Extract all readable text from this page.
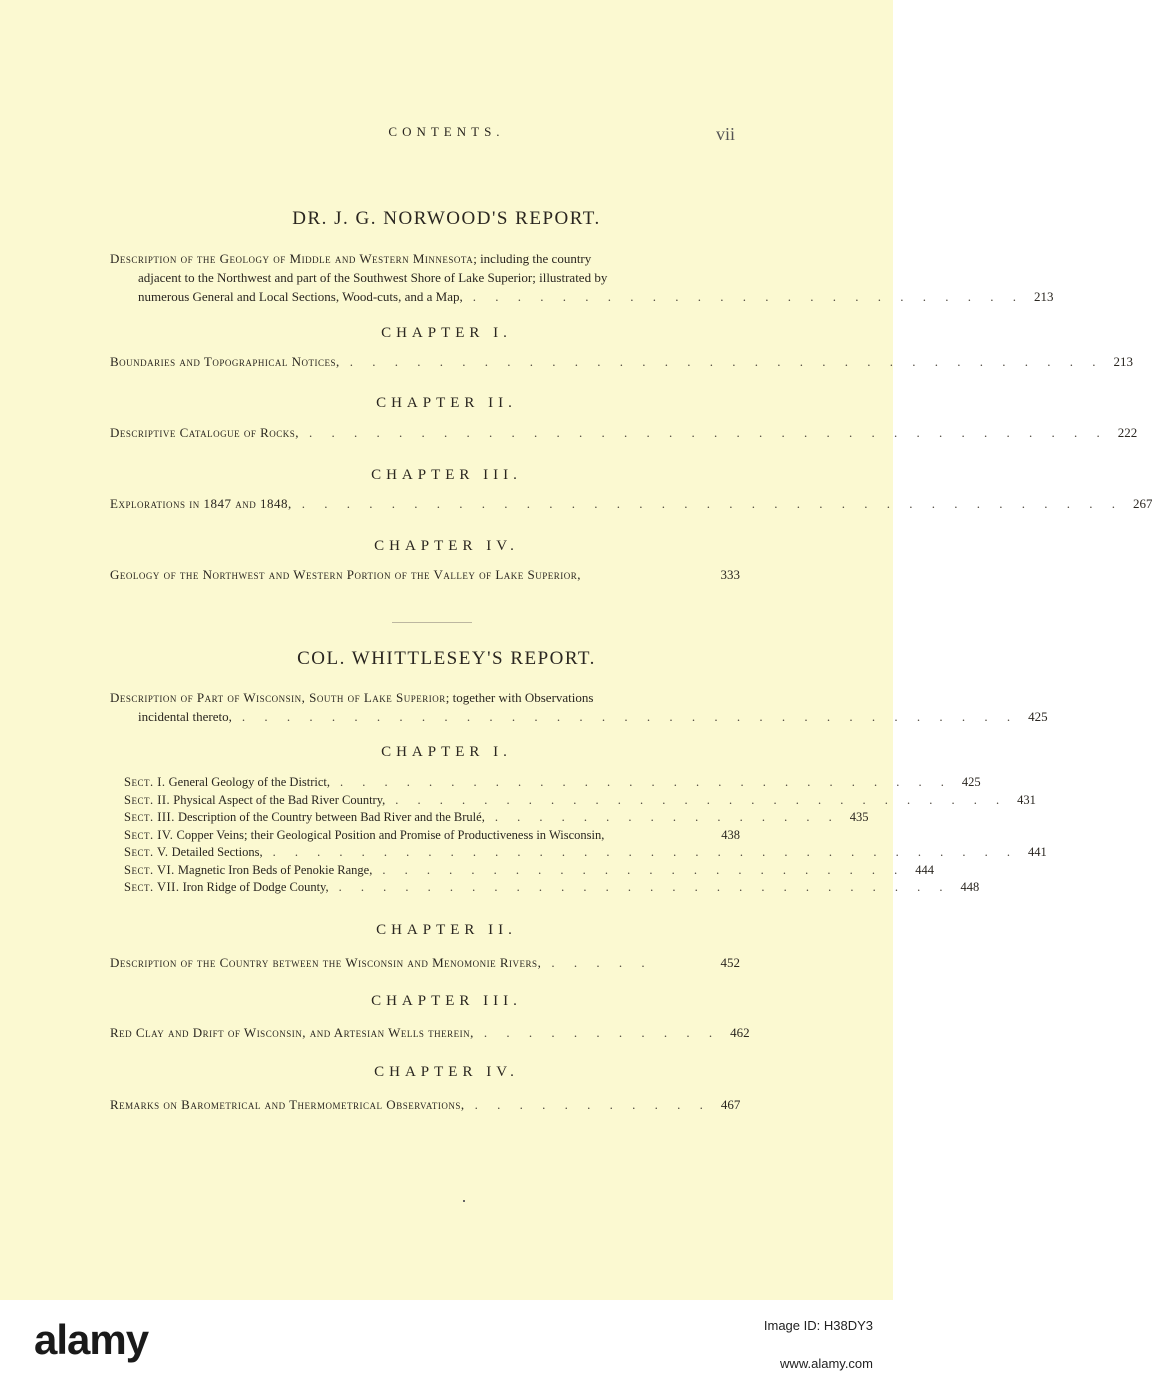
CONTENTS.	vii
DR. J. G. NORWOOD'S REPORT.
Description of the Geology of Middle and Western Minnesota; including the country
adjacent to the Northwest and part of the Southwest Shore of Lake Superior; illustrated by
numerous General and Local Sections, Wood-cuts, and a Map, . . . . . . . . . . . . . . . . . . . . . . . . . 213
CHAPTER I.
Boundaries and Topographical Notices, . . . . . . . . . . . . . . . . . . . . . . . . . . . . . . . . . . 213
CHAPTER II.
Descriptive Catalogue of Rocks, . . . . . . . . . . . . . . . . . . . . . . . . . . . . . . . . . . . . 222
CHAPTER III.
Explorations in 1847 and 1848, . . . . . . . . . . . . . . . . . . . . . . . . . . . . . . . . . . . . . 267
CHAPTER IV.
Geology of the Northwest and Western Portion of the Valley of Lake Superior,	333
COL. WHITTLESEY'S REPORT.
Description of Part of Wisconsin, South of Lake Superior; together with Observations
incidental thereto, . . . . . . . . . . . . . . . . . . . . . . . . . . . . . . . . . . . 425
CHAPTER I.
Sect. I. General Geology of the District, . . . . . . . . . . . . . . . . . . . . . . . . . . . . 425
Sect. II. Physical Aspect of the Bad River Country, . . . . . . . . . . . . . . . . . . . . . . . . . . . . 431
Sect. III. Description of the Country between Bad River and the Brulé, . . . . . . . . . . . . . . . . 435
Sect. IV. Copper Veins; their Geological Position and Promise of Productiveness in Wisconsin,	438
Sect. V. Detailed Sections, . . . . . . . . . . . . . . . . . . . . . . . . . . . . . . . . . . 441
Sect. VI. Magnetic Iron Beds of Penokie Range, . . . . . . . . . . . . . . . . . . . . . . . . 444
Sect. VII. Iron Ridge of Dodge County, . . . . . . . . . . . . . . . . . . . . . . . . . . . . 448
CHAPTER II.
Description of the Country between the Wisconsin and Menomonie Rivers, . . . . .	452
CHAPTER III.
Red Clay and Drift of Wisconsin, and Artesian Wells therein, . . . . . . . . . . . 462
CHAPTER IV.
Remarks on Barometrical and Thermometrical Observations, . . . . . . . . . . . 467
alamy	Image ID: H38DY3
www.alamy.com
